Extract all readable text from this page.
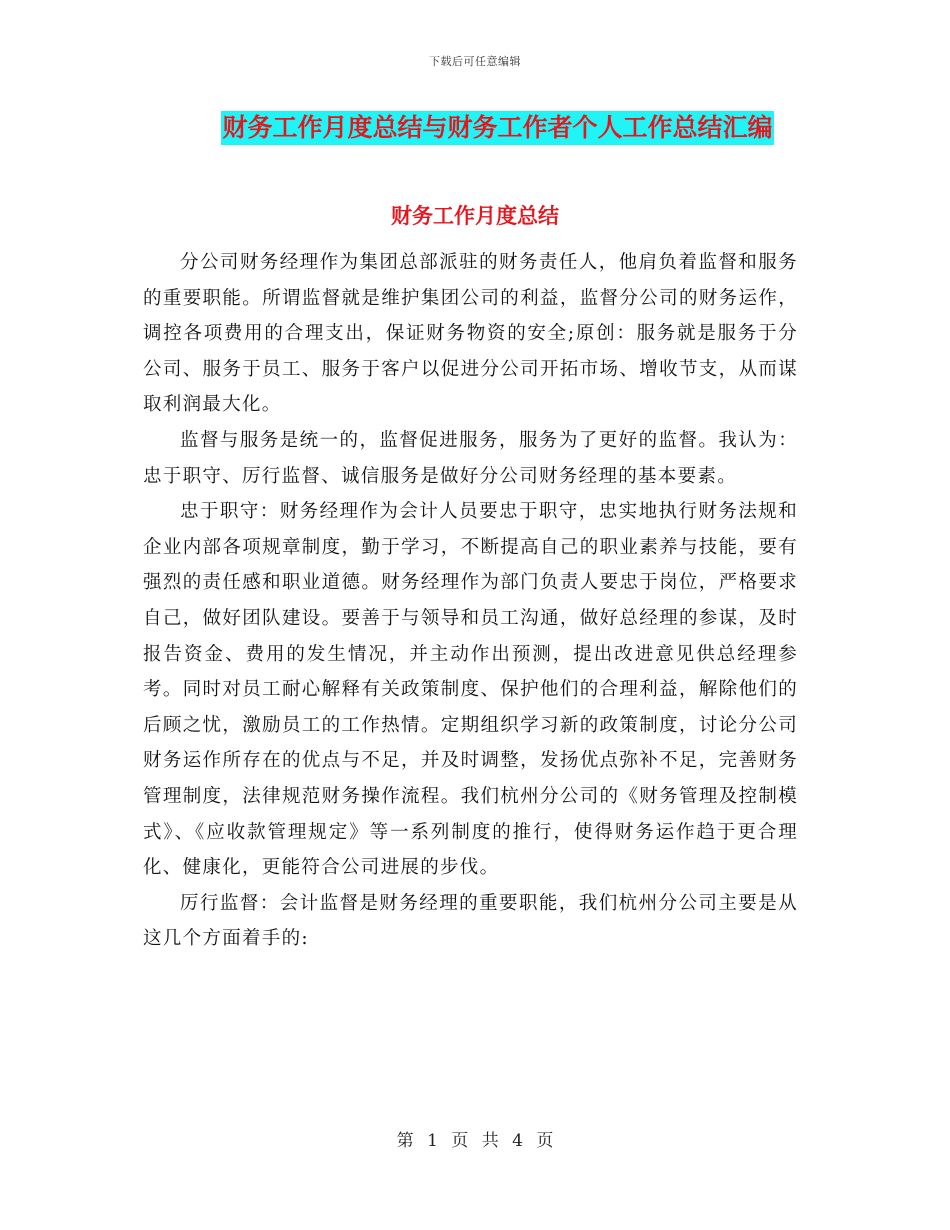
下载后可任意编辑
财务工作月度总结与财务工作者个人工作总结汇编
财务工作月度总结

分公司财务经理作为集团总部派驻的财务责任人，他肩负着监督和服务的重要职能。所谓监督就是维护集团公司的利益，监督分公司的财务运作，调控各项费用的合理支出，保证财务物资的安全;原创：服务就是服务于分公司、服务于员工、服务于客户以促进分公司开拓市场、增收节支，从而谋取利润最大化。

监督与服务是统一的，监督促进服务，服务为了更好的监督。我认为：忠于职守、厉行监督、诚信服务是做好分公司财务经理的基本要素。

忠于职守：财务经理作为会计人员要忠于职守，忠实地执行财务法规和企业内部各项规章制度，勤于学习，不断提高自己的职业素养与技能，要有强烈的责任感和职业道德。财务经理作为部门负责人要忠于岗位，严格要求自己，做好团队建设。要善于与领导和员工沟通，做好总经理的参谋，及时报告资金、费用的发生情况，并主动作出预测，提出改进意见供总经理参考。同时对员工耐心解释有关政策制度、保护他们的合理利益，解除他们的后顾之忧，激励员工的工作热情。定期组织学习新的政策制度，讨论分公司财务运作所存在的优点与不足，并及时调整，发扬优点弥补不足，完善财务管理制度，法律规范财务操作流程。我们杭州分公司的《财务管理及控制模式》、《应收款管理规定》等一系列制度的推行，使得财务运作趋于更合理化、健康化，更能符合公司进展的步伐。

厉行监督：会计监督是财务经理的重要职能，我们杭州分公司主要是从这几个方面着手的:

第 1 页 共 4 页
